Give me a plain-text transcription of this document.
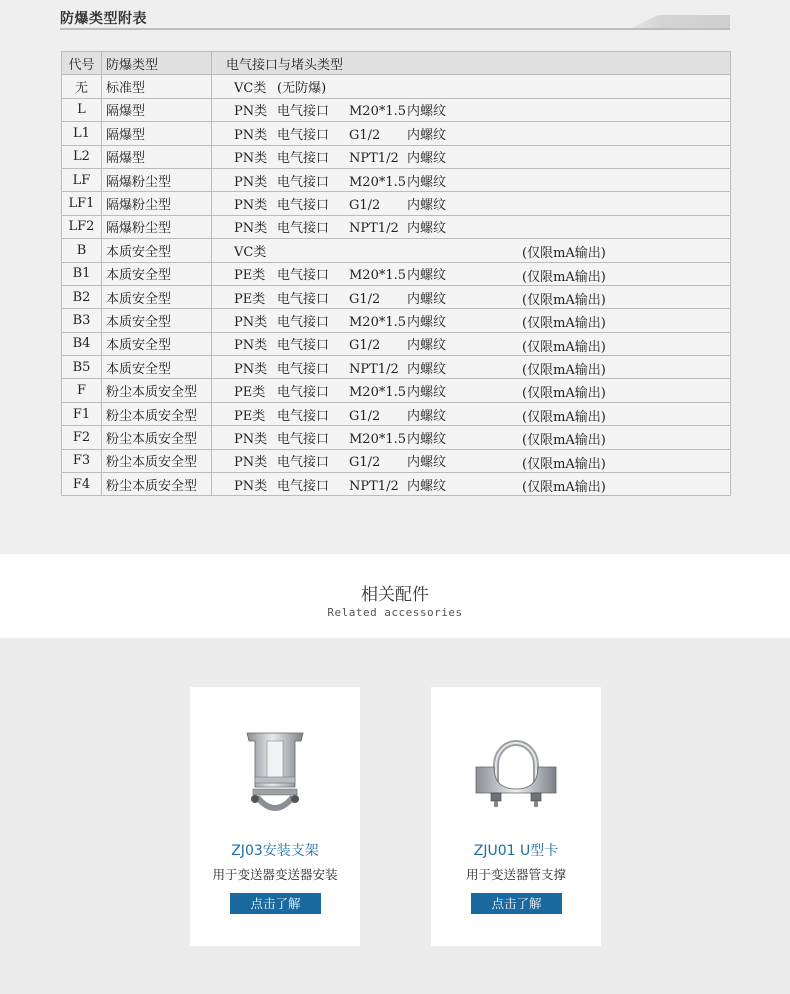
防爆类型附表
代号	防爆类型	电气接口与堵头类型
无	标准型	VC类 (无防爆)

L	隔爆型	PN类 电气接口 M20*1.5内螺纹

L1	隔爆型	PN类 电气接口 G1/2 内螺纹

L2	隔爆型	PN类 电气接口 NPT1/2 内螺纹

LF	隔爆粉尘型	PN类 电气接口 M20*1.5内螺纹

LF1	隔爆粉尘型	PN类 电气接口 G1/2 内螺纹

LF2	隔爆粉尘型	PN类 电气接口 NPT1/2 内螺纹

B	本质安全型	VC类 (仅限mA输出)

B1	本质安全型	PE类 电气接口 M20*1.5内螺纹 (仅限mA输出)

B2	本质安全型	PE类 电气接口 G1/2 内螺纹 (仅限mA输出)

B3	本质安全型	PN类 电气接口 M20*1.5内螺纹 (仅限mA输出)

B4	本质安全型	PN类 电气接口 G1/2 内螺纹 (仅限mA输出)

B5	本质安全型	PN类 电气接口 NPT1/2 内螺纹 (仅限mA输出)

F	粉尘本质安全型	PE类 电气接口 M20*1.5内螺纹 (仅限mA输出)

F1	粉尘本质安全型	PE类 电气接口 G1/2 内螺纹 (仅限mA输出)

F2	粉尘本质安全型	PN类 电气接口 M20*1.5内螺纹 (仅限mA输出)

F3	粉尘本质安全型	PN类 电气接口 G1/2 内螺纹 (仅限mA输出)

F4	粉尘本质安全型	PN类 电气接口 NPT1/2 内螺纹 (仅限mA输出)
相关配件
Related accessories
ZJ03安装支架
用于变送器变送器安装
点击了解
ZJU01 U型卡
用于变送器管支撑
点击了解
